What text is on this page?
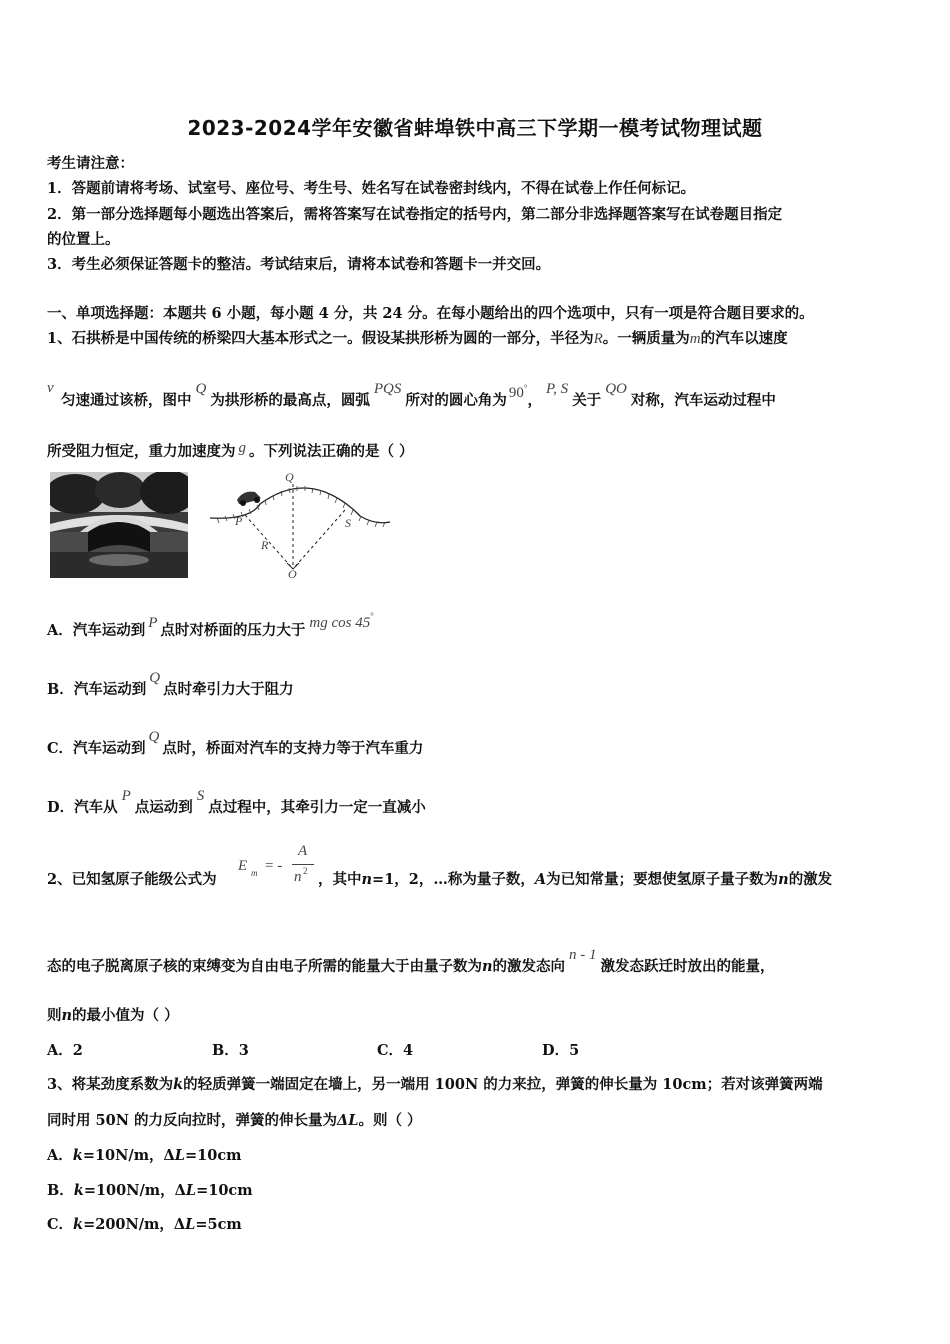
2023-2024学年安徽省蚌埠铁中高三下学期一模考试物理试题
考生请注意：
1．答题前请将考场、试室号、座位号、考生号、姓名写在试卷密封线内，不得在试卷上作任何标记。
2．第一部分选择题每小题选出答案后，需将答案写在试卷指定的括号内，第二部分非选择题答案写在试卷题目指定
的位置上。
3．考生必须保证答题卡的整洁。考试结束后，请将本试卷和答题卡一并交回。
一、单项选择题：本题共 6 小题，每小题 4 分，共 24 分。在每小题给出的四个选项中，只有一项是符合题目要求的。
1、石拱桥是中国传统的桥梁四大基本形式之一。假设某拱形桥为圆的一部分，半径为R。一辆质量为m的汽车以速度
v
匀速通过该桥，图中Q为拱形桥的最高点，圆弧PQS所对的圆心角为 90°，P, S关于QO对称，汽车运动过程中
所受阻力恒定，重力加速度为 g 。下列说法正确的是（ ）
Q
P	S
R
O
A．汽车运动到 P 点时对桥面的压力大于 mg cos 45°
B．汽车运动到Q点时牵引力大于阻力
C．汽车运动到Q点时，桥面对汽车的支持力等于汽车重力
D．汽车从P点运动到S点过程中，其牵引力一定一直减小
2、已知氢原子能级公式为
E m = -
A
n 2 ，其中n=1，2，…称为量子数，A为已知常量；要想使氢原子量子数为n的激发
态的电子脱离原子核的束缚变为自由电子所需的能量大于由量子数为n的激发态向n - 1激发态跃迁时放出的能量，
则n的最小值为（ ）
A．2	B．3	C．4	D．5
3、将某劲度系数为k的轻质弹簧一端固定在墙上，另一端用 100N 的力来拉，弹簧的伸长量为 10cm；若对该弹簧两端
同时用 50N 的力反向拉时，弹簧的伸长量为ΔL。则（ ）
A．k=10N/m，ΔL=10cm
B．k=100N/m，ΔL=10cm
C．k=200N/m，ΔL=5cm
